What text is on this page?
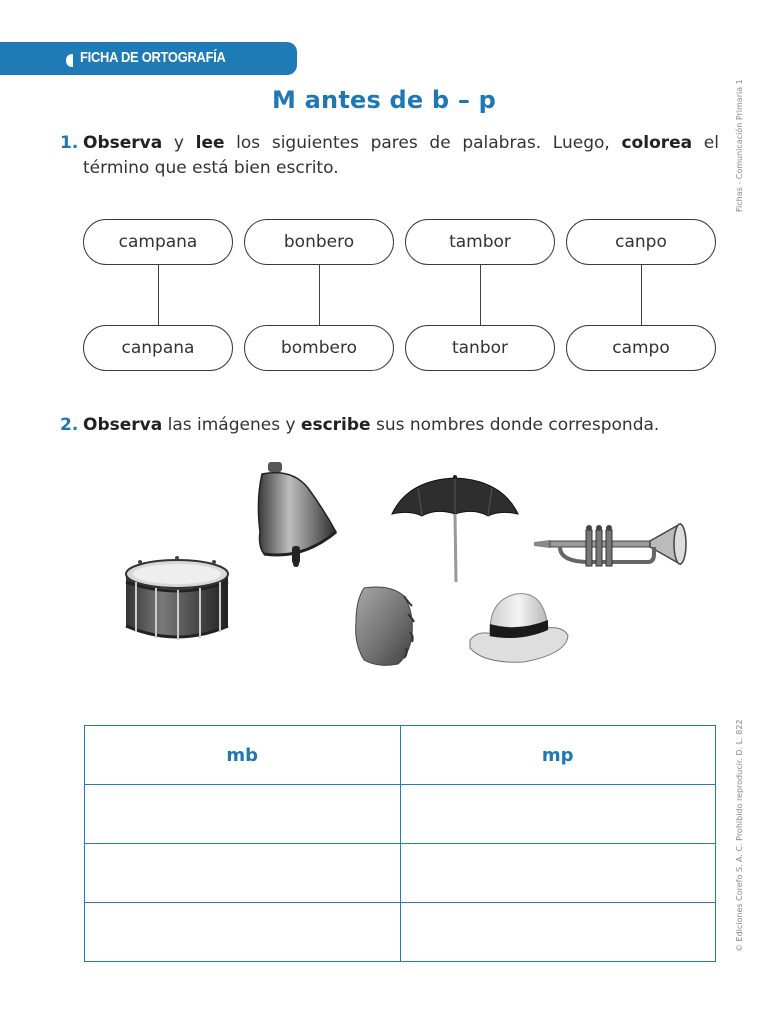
FICHA DE ORTOGRAFÍA
M antes de b – p	Fichas - Comunicación Primaria 1
© Ediciones Corefo S. A. C. Prohibido reproducir. D. L. 822
1. Observa y lee los siguientes pares de palabras. Luego, colorea el término que está bien escrito.
campana
canpana
bonbero
bombero
tambor
tanbor
canpo
campo
2. Observa las imágenes y escribe sus nombres donde corresponda.
mb	mp
